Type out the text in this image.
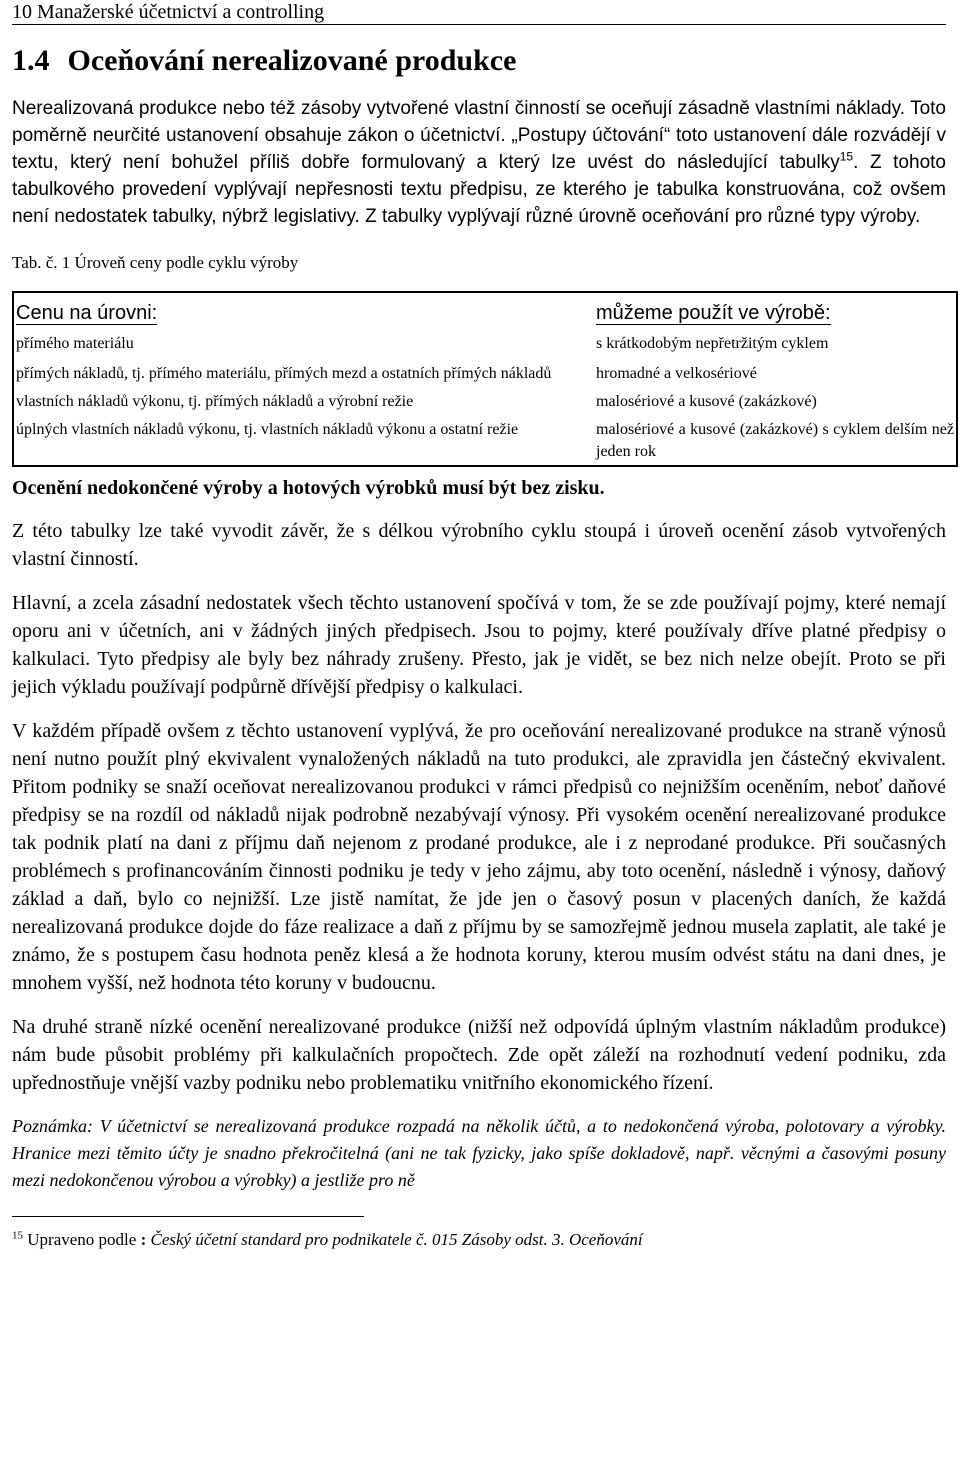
10 Manažerské účetnictví a controlling
1.4 Oceňování nerealizované produkce

Nerealizovaná produkce nebo též zásoby vytvořené vlastní činností se oceňují zásadně vlastními náklady. Toto poměrně neurčité ustanovení obsahuje zákon o účetnictví. „Postupy účtování“ toto ustanovení dále rozvádějí v textu, který není bohužel příliš dobře formulovaný a který lze uvést do následující tabulky$^{15}$. Z tohoto tabulkového provedení vyplývají nepřesnosti textu předpisu, ze kterého je tabulka konstruována, což ovšem není nedostatek tabulky, nýbrž legislativy. Z tabulky vyplývají různé úrovně oceňování pro různé typy výroby.

Tab. č. 1 Úroveň ceny podle cyklu výroby
Cenu na úrovni:	můžeme použít ve výrobě:
přímého materiálu	s krátkodobým nepřetržitým cyklem
přímých nákladů, tj. přímého materiálu, přímých mezd a ostatních přímých nákladů	hromadné a velkosériové
vlastních nákladů výkonu, tj. přímých nákladů a výrobní režie	malosériové a kusové (zakázkové)
úplných vlastních nákladů výkonu, tj. vlastních nákladů výkonu a ostatní režie	malosériové a kusové (zakázkové) s cyklem delším než jeden rok

Ocenění nedokončené výroby a hotových výrobků musí být bez zisku.

Z této tabulky lze také vyvodit závěr, že s délkou výrobního cyklu stoupá i úroveň ocenění zásob vytvořených vlastní činností.

Hlavní, a zcela zásadní nedostatek všech těchto ustanovení spočívá v tom, že se zde používají pojmy, které nemají oporu ani v účetních, ani v žádných jiných předpisech. Jsou to pojmy, které používaly dříve platné předpisy o kalkulaci. Tyto předpisy ale byly bez náhrady zrušeny. Přesto, jak je vidět, se bez nich nelze obejít. Proto se při jejich výkladu používají podpůrně dřívější předpisy o kalkulaci.

V každém případě ovšem z těchto ustanovení vyplývá, že pro oceňování nerealizované produkce na straně výnosů není nutno použít plný ekvivalent vynaložených nákladů na tuto produkci, ale zpravidla jen částečný ekvivalent. Přitom podniky se snaží oceňovat nerealizovanou produkci v rámci předpisů co nejnižším oceněním, neboť daňové předpisy se na rozdíl od nákladů nijak podrobně nezabývají výnosy. Při vysokém ocenění nerealizované produkce tak podnik platí na dani z příjmu daň nejenom z prodané produkce, ale i z neprodané produkce. Při současných problémech s profinancováním činnosti podniku je tedy v jeho zájmu, aby toto ocenění, následně i výnosy, daňový základ a daň, bylo co nejnižší. Lze jistě namítat, že jde jen o časový posun v placených daních, že každá nerealizovaná produkce dojde do fáze realizace a daň z příjmu by se samozřejmě jednou musela zaplatit, ale také je známo, že s postupem času hodnota peněz klesá a že hodnota koruny, kterou musím odvést státu na dani dnes, je mnohem vyšší, než hodnota této koruny v budoucnu.

Na druhé straně nízké ocenění nerealizované produkce (nižší než odpovídá úplným vlastním nákladům produkce) nám bude působit problémy při kalkulačních propočtech. Zde opět záleží na rozhodnutí vedení podniku, zda upřednostňuje vnější vazby podniku nebo problematiku vnitřního ekonomického řízení.

Poznámka: V účetnictví se nerealizovaná produkce rozpadá na několik účtů, a to nedokončená výroba, polotovary a výrobky. Hranice mezi těmito účty je snadno překročitelná (ani ne tak fyzicky, jako spíše dokladově, např. věcnými a časovými posuny mezi nedokončenou výrobou a výrobky) a jestliže pro ně

$^{15}$ Upraveno podle : Český účetní standard pro podnikatele č. 015 Zásoby odst. 3. Oceňování
